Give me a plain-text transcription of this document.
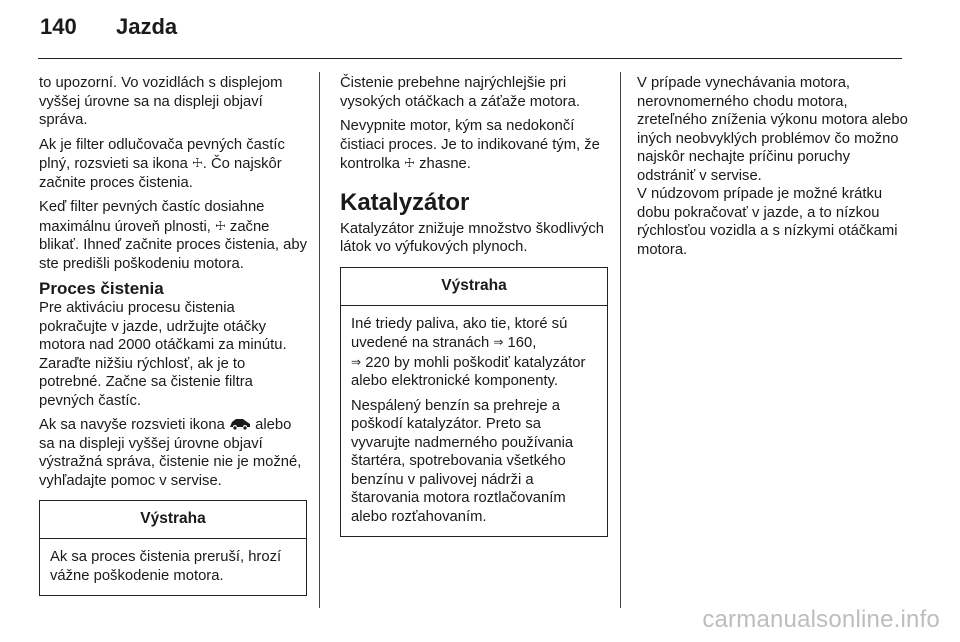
140	Jazda

to upozorní. Vo vozidlách s displejom vyššej úrovne sa na displeji objaví správa.

Ak je filter odlučovača pevných častíc plný, rozsvieti sa ikona ☩. Čo najskôr začnite proces čistenia.

Keď filter pevných častíc dosiahne maximálnu úroveň plnosti, ☩ začne blikať. Ihneď začnite proces čistenia, aby ste predišli poškodeniu motora.

Proces čistenia

Pre aktiváciu procesu čistenia pokračujte v jazde, udržujte otáčky motora nad 2000 otáčkami za minútu. Zaraďte nižšiu rýchlosť, ak je to potrebné. Začne sa čistenie filtra pevných častíc.

Ak sa navyše rozsvieti ikona alebo sa na displeji vyššej úrovne objaví výstražná správa, čistenie nie je možné, vyhľadajte pomoc v servise.

Výstraha

Ak sa proces čistenia preruší, hrozí vážne poškodenie motora.

Čistenie prebehne najrýchlejšie pri vysokých otáčkach a záťaže motora.

Nevypnite motor, kým sa nedokončí čistiaci proces. Je to indikované tým, že kontrolka ☩ zhasne.

Katalyzátor

Katalyzátor znižuje množstvo škodlivých látok vo výfukových plynoch.

Výstraha

Iné triedy paliva, ako tie, ktoré sú uvedené na stranách ⇒ 160,
⇒ 220 by mohli poškodiť katalyzátor alebo elektronické komponenty.

Nespálený benzín sa prehreje a poškodí katalyzátor. Preto sa vyvarujte nadmerného používania štartéra, spotrebovania všetkého benzínu v palivovej nádrži a štarovania motora roztlačovaním alebo rozťahovaním.

V prípade vynechávania motora, nerovnomerného chodu motora, zreteľného zníženia výkonu motora alebo iných neobvyklých problémov čo možno najskôr nechajte príčinu poruchy odstrániť v servise.

V núdzovom prípade je možné krátku dobu pokračovať v jazde, a to nízkou rýchlosťou vozidla a s nízkymi otáčkami motora.

carmanualsonline.info
